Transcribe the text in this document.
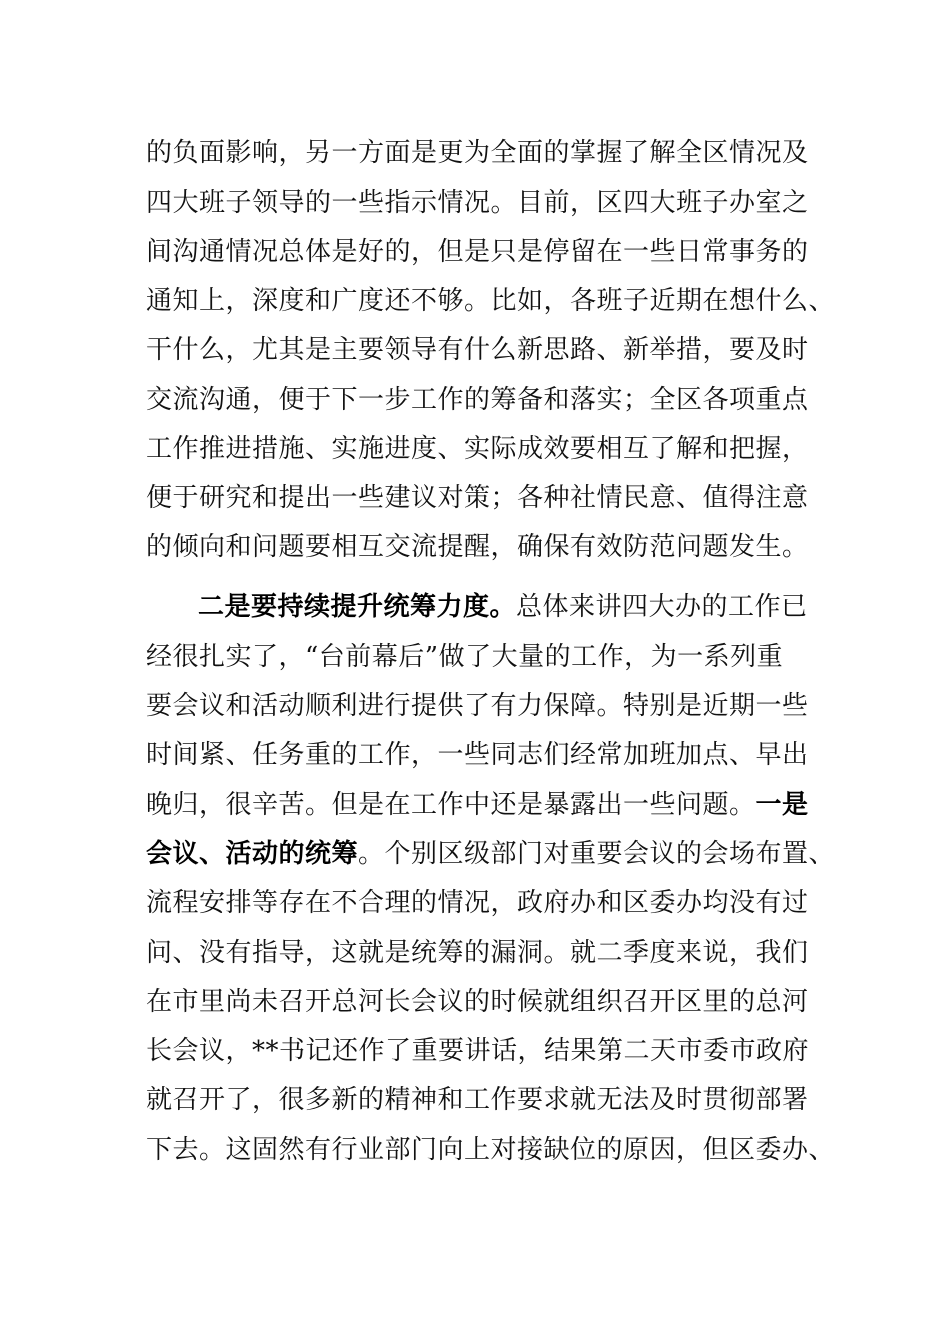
的负面影响，另一方面是更为全面的掌握了解全区情况及
四大班子领导的一些指示情况。目前，区四大班子办室之
间沟通情况总体是好的，但是只是停留在一些日常事务的
通知上，深度和广度还不够。比如，各班子近期在想什么、
干什么，尤其是主要领导有什么新思路、新举措，要及时
交流沟通，便于下一步工作的筹备和落实；全区各项重点
工作推进措施、实施进度、实际成效要相互了解和把握，
便于研究和提出一些建议对策；各种社情民意、值得注意
的倾向和问题要相互交流提醒，确保有效防范问题发生。
二是要持续提升统筹力度。总体来讲四大办的工作已
经很扎实了，“台前幕后”做了大量的工作，为一系列重
要会议和活动顺利进行提供了有力保障。特别是近期一些
时间紧、任务重的工作，一些同志们经常加班加点、早出
晚归，很辛苦。但是在工作中还是暴露出一些问题。一是
会议、活动的统筹。个别区级部门对重要会议的会场布置、
流程安排等存在不合理的情况，政府办和区委办均没有过
问、没有指导，这就是统筹的漏洞。就二季度来说，我们
在市里尚未召开总河长会议的时候就组织召开区里的总河
长会议，**书记还作了重要讲话，结果第二天市委市政府
就召开了，很多新的精神和工作要求就无法及时贯彻部署
下去。这固然有行业部门向上对接缺位的原因，但区委办、
